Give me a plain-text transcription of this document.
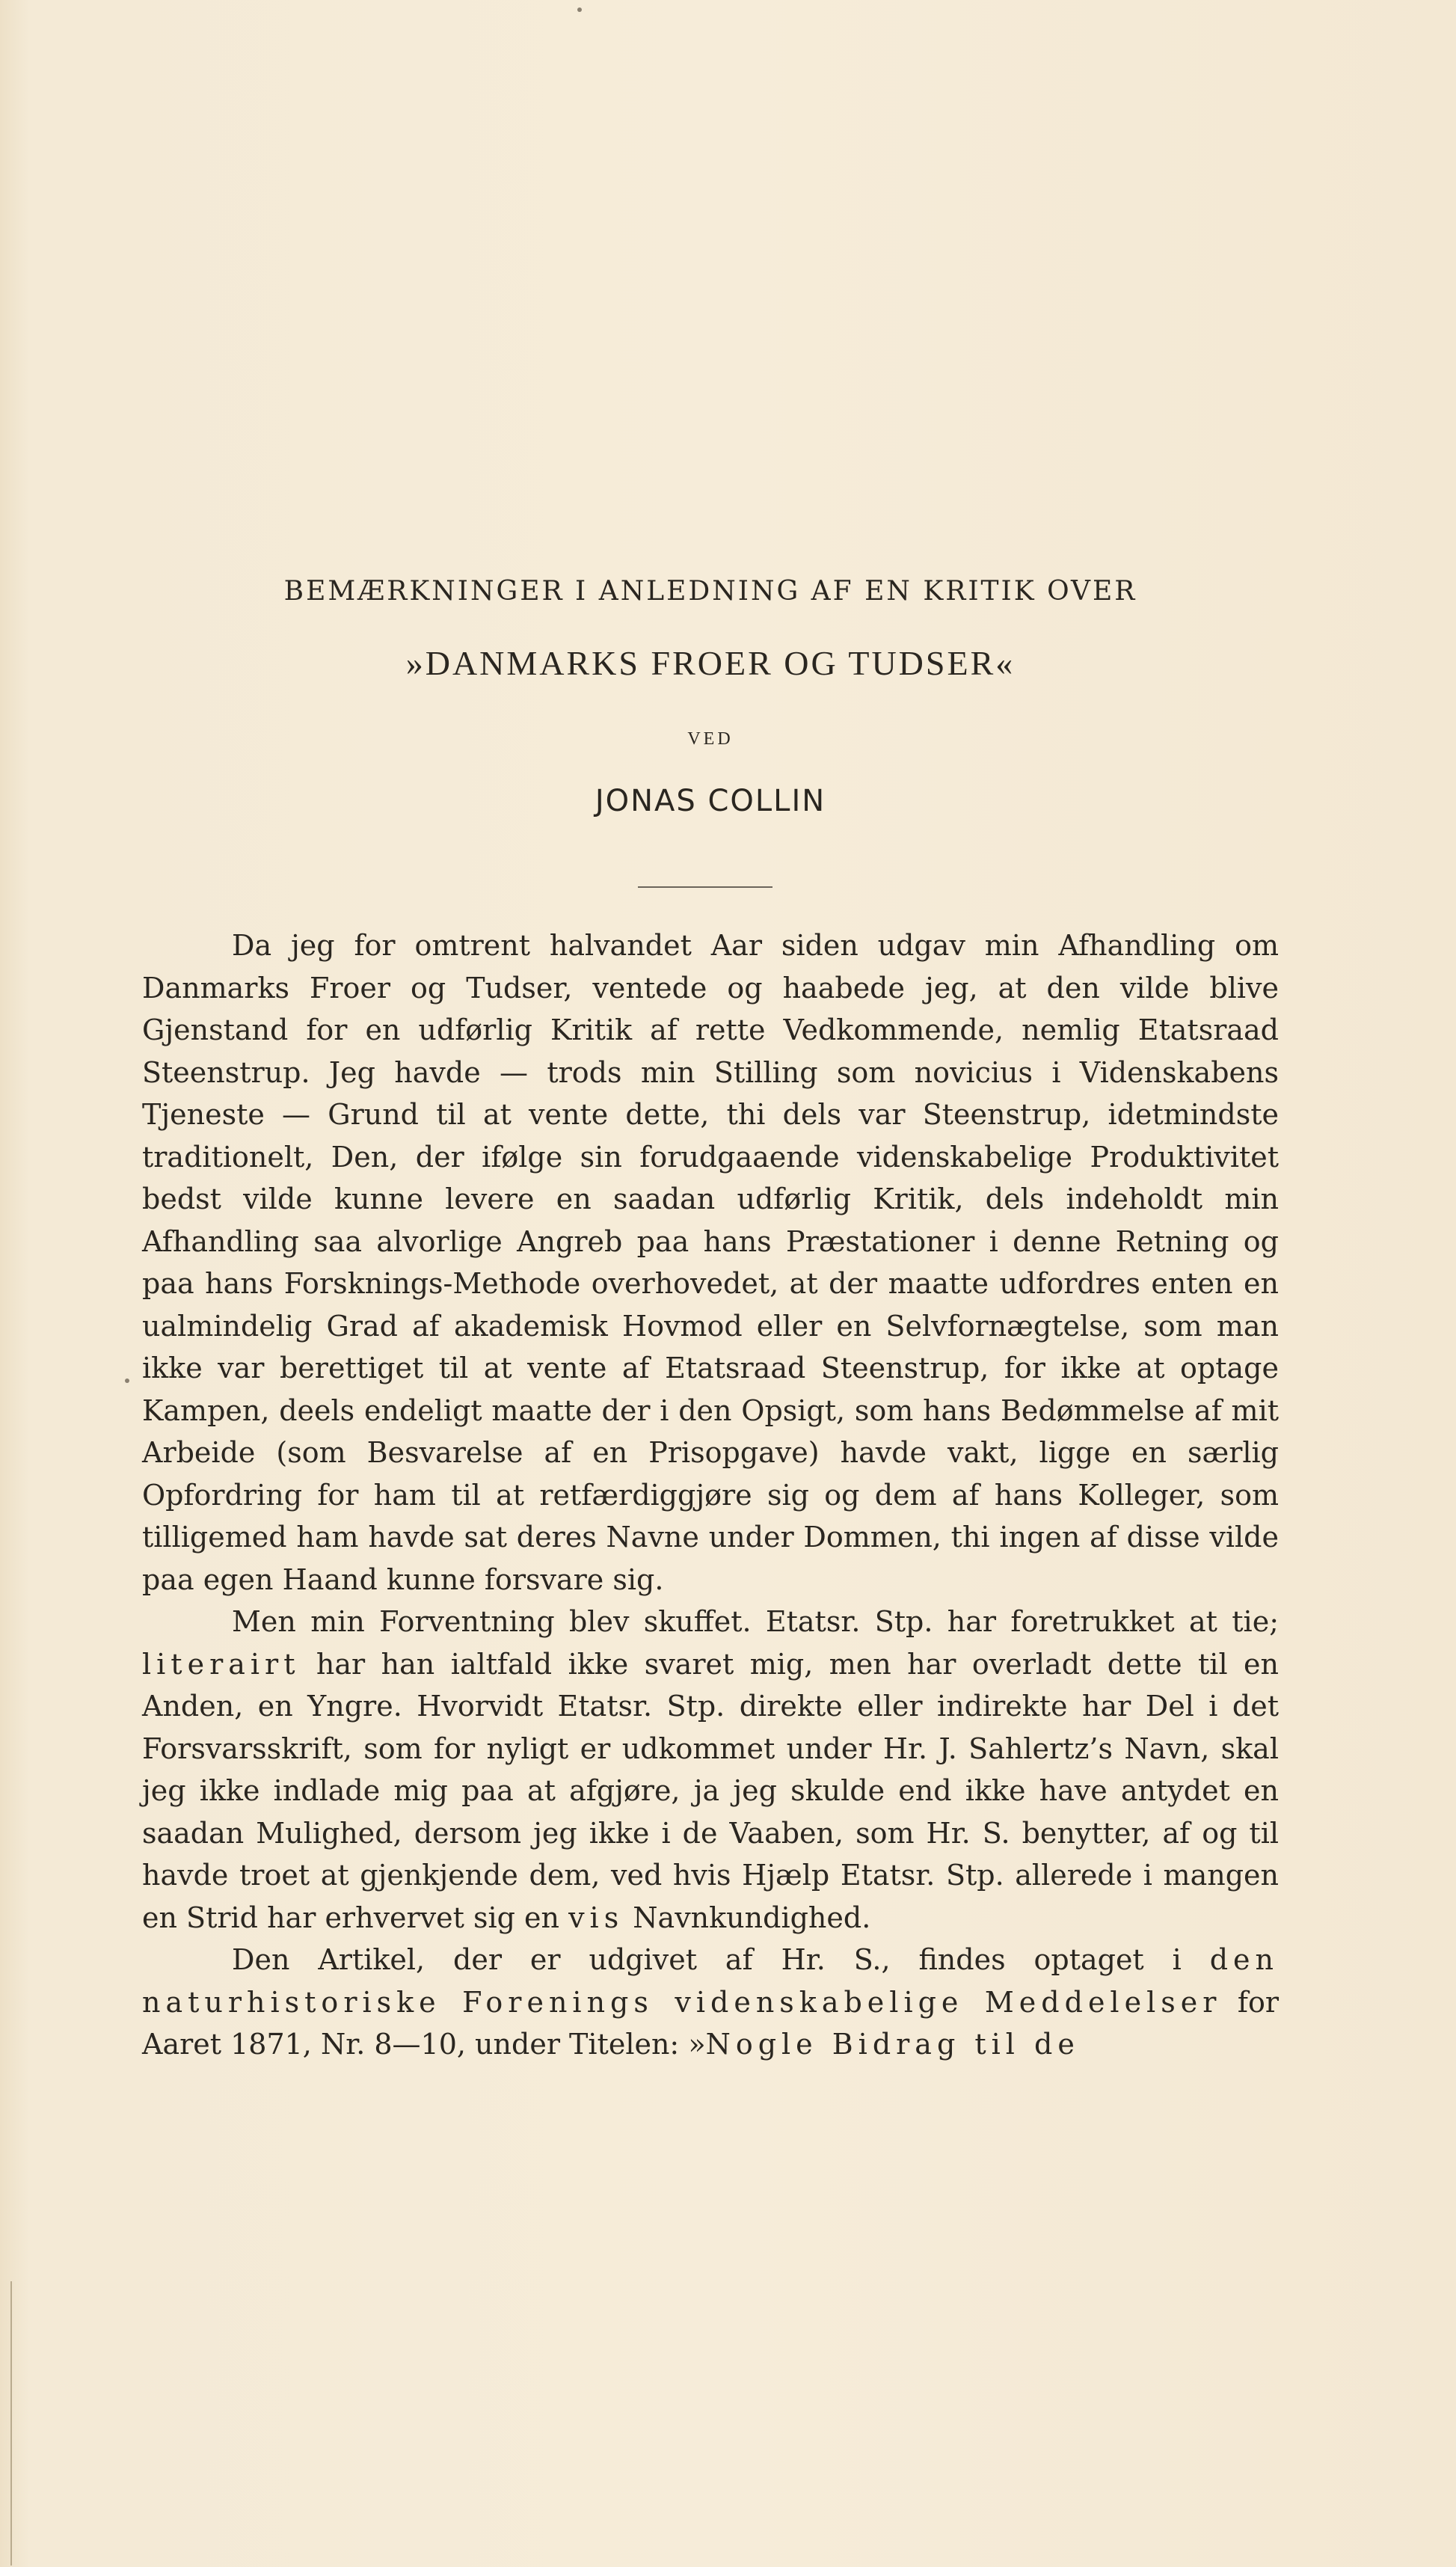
BEMÆRKNINGER I ANLEDNING AF EN KRITIK OVER
»DANMARKS FROER OG TUDSER«
VED
JONAS COLLIN

Da jeg for omtrent halvandet Aar siden udgav min Afhandling om Danmarks Froer og Tudser, ventede og haabede jeg, at den vilde blive Gjenstand for en udførlig Kritik af rette Vedkommende, nemlig Etatsraad Steenstrup. Jeg havde — trods min Stilling som novicius i Videnskabens Tjeneste — Grund til at vente dette, thi dels var Steenstrup, idetmindste traditionelt, Den, der ifølge sin forudgaaende videnskabelige Produktivitet bedst vilde kunne levere en saadan udførlig Kritik, dels indeholdt min Afhandling saa alvorlige Angreb paa hans Præstationer i denne Retning og paa hans Forsknings-Methode overhovedet, at der maatte udfordres enten en ualmindelig Grad af akademisk Hovmod eller en Selvfornægtelse, som man ikke var berettiget til at vente af Etatsraad Steenstrup, for ikke at optage Kampen, deels endeligt maatte der i den Opsigt, som hans Bedømmelse af mit Arbeide (som Besvarelse af en Prisopgave) havde vakt, ligge en særlig Opfordring for ham til at retfærdiggjøre sig og dem af hans Kolleger, som tilligemed ham havde sat deres Navne under Dommen, thi ingen af disse vilde paa egen Haand kunne forsvare sig.

Men min Forventning blev skuffet. Etatsr. Stp. har foretrukket at tie; literairt har han ialtfald ikke svaret mig, men har overladt dette til en Anden, en Yngre. Hvorvidt Etatsr. Stp. direkte eller indirekte har Del i det Forsvarsskrift, som for nyligt er udkommet under Hr. J. Sahlertz’s Navn, skal jeg ikke indlade mig paa at afgjøre, ja jeg skulde end ikke have antydet en saadan Mulighed, dersom jeg ikke i de Vaaben, som Hr. S. benytter, af og til havde troet at gjenkjende dem, ved hvis Hjælp Etatsr. Stp. allerede i mangen en Strid har erhvervet sig en vis Navnkundighed.

Den Artikel, der er udgivet af Hr. S., findes optaget i den naturhistoriske Forenings videnskabelige Meddelelser for Aaret 1871, Nr. 8—10, under Titelen: »Nogle Bidrag til de
